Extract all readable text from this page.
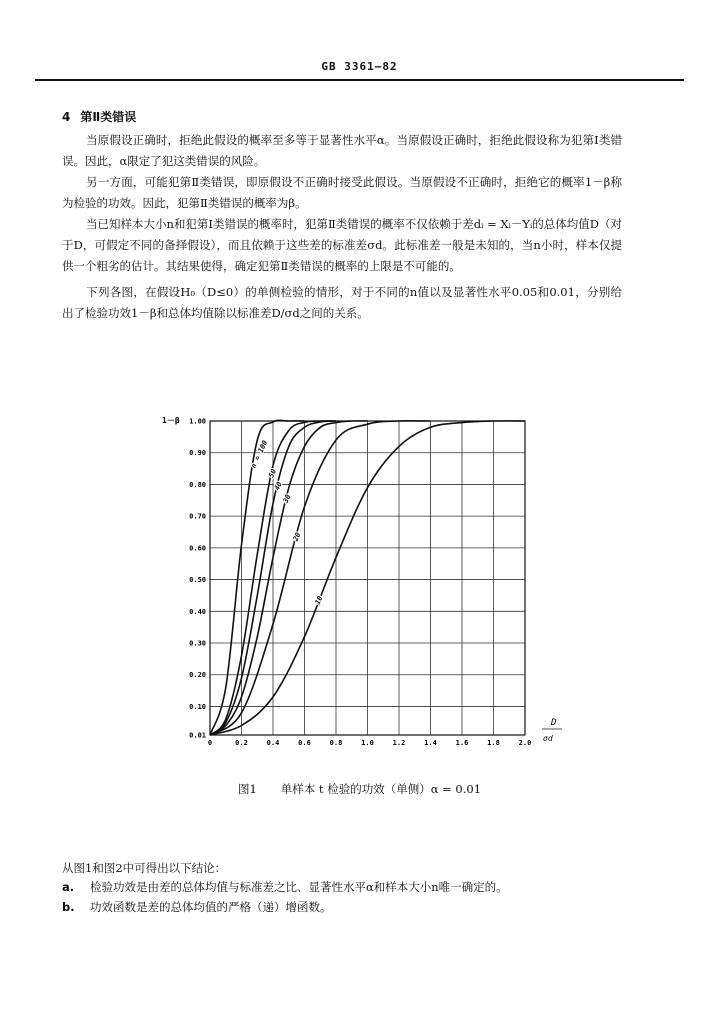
GB 3361—82
4 第Ⅱ类错误

当原假设正确时，拒绝此假设的概率至多等于显著性水平α。当原假设正确时，拒绝此假设称为犯第Ⅰ类错误。因此，α限定了犯这类错误的风险。

另一方面，可能犯第Ⅱ类错误，即原假设不正确时接受此假设。当原假设不正确时，拒绝它的概率1－β称为检验的功效。因此，犯第Ⅱ类错误的概率为β。

当已知样本大小n和犯第Ⅰ类错误的概率时，犯第Ⅱ类错误的概率不仅依赖于差dᵢ = Xᵢ－Yᵢ的总体均值D（对于D，可假定不同的备择假设），而且依赖于这些差的标准差σd。此标准差一般是未知的，当n小时，样本仅提供一个粗劣的估计。其结果使得，确定犯第Ⅱ类错误的概率的上限是不可能的。

下列各图，在假设H₀（D≤0）的单侧检验的情形，对于不同的n值以及显著性水平0.05和0.01，分别给出了检验功效1－β和总体均值除以标准差D/σd之间的关系。

n = 100
50
40
30
20
10
0	0.2	0.4	0.6	0.8	1.0	1.2	1.4	1.6	1.8	2.0
0.01
0.10
0.20
0.30
0.40
0.50
0.60
0.70
0.80
0.90
1.00
1－β
D
σd
图1 单样本 t 检验的功效（单侧）α = 0.01

从图1和图2中可得出以下结论：

a. 检验功效是由差的总体均值与标准差之比、显著性水平α和样本大小n唯一确定的。

b. 功效函数是差的总体均值的严格（递）增函数。
